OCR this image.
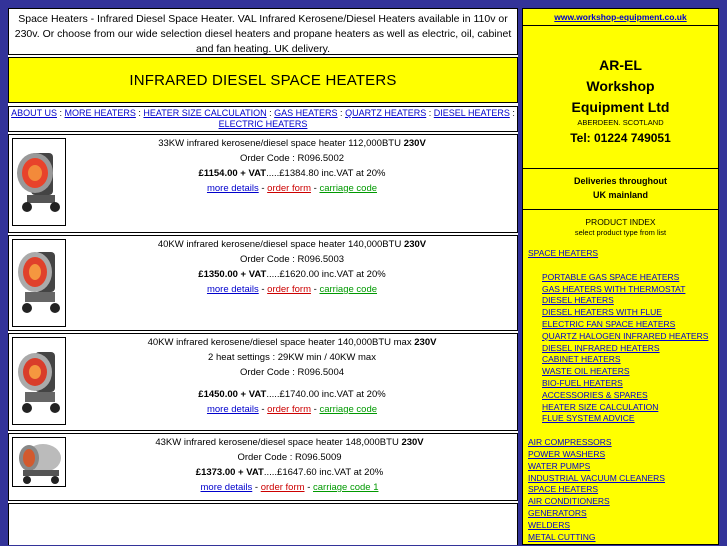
Space Heaters - Infrared Diesel Space Heater. VAL Infrared Kerosene/Diesel Heaters available in 110v or 230v. Or choose from our wide selection diesel heaters and propane heaters as well as electric, oil, cabinet and fan heating. UK delivery.
INFRARED DIESEL SPACE HEATERS
ABOUT US : MORE HEATERS : HEATER SIZE CALCULATION : GAS HEATERS : QUARTZ HEATERS : DIESEL HEATERS :
ELECTRIC HEATERS
33KW infrared kerosene/diesel space heater 112,000BTU 230V
Order Code : R096.5002
£1154.00 + VAT.....£1384.80 inc.VAT at 20%
more details - order form - carriage code
40KW infrared kerosene/diesel space heater 140,000BTU 230V
Order Code : R096.5003
£1350.00 + VAT.....£1620.00 inc.VAT at 20%
more details - order form - carriage code
40KW infrared kerosene/diesel space heater 140,000BTU max 230V
2 heat settings : 29KW min / 40KW max
Order Code : R096.5004
£1450.00 + VAT.....£1740.00 inc.VAT at 20%
more details - order form - carriage code
43KW infrared kerosene/diesel space heater 148,000BTU 230V
Order Code : R096.5009
£1373.00 + VAT.....£1647.60 inc.VAT at 20%
more details - order form - carriage code 1
www.workshop-equipment.co.uk
AR-EL
Workshop
Equipment Ltd
ABERDEEN. SCOTLAND
Tel: 01224 749051
Deliveries throughout
UK mainland
PRODUCT INDEX
select product type from list
SPACE HEATERS
PORTABLE GAS SPACE HEATERS
GAS HEATERS WITH THERMOSTAT
DIESEL HEATERS
DIESEL HEATERS WITH FLUE
ELECTRIC FAN SPACE HEATERS
QUARTZ HALOGEN INFRARED HEATERS
DIESEL INFRARED HEATERS
CABINET HEATERS
WASTE OIL HEATERS
BIO-FUEL HEATERS
ACCESSORIES & SPARES
HEATER SIZE CALCULATION
FLUE SYSTEM ADVICE
AIR COMPRESSORS
POWER WASHERS
WATER PUMPS
INDUSTRIAL VACUUM CLEANERS
SPACE HEATERS
AIR CONDITIONERS
GENERATORS
WELDERS
METAL CUTTING
